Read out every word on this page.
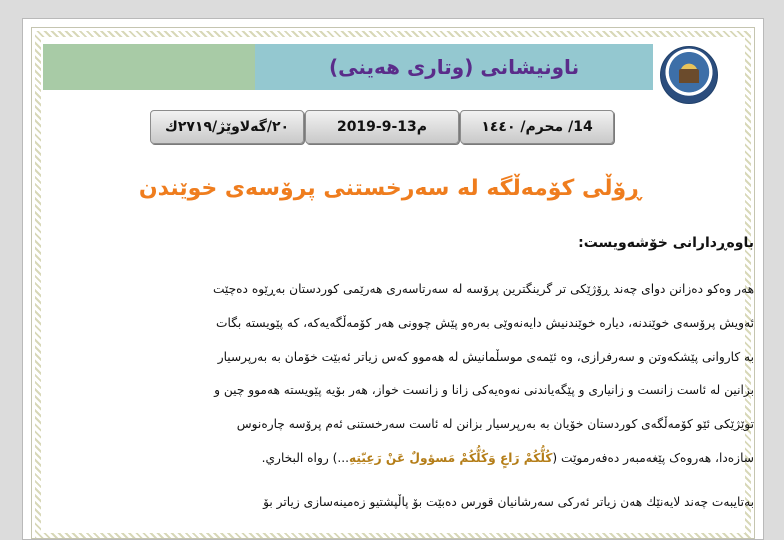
ناونیشانی (وتاری هەینی)
14/ محرم/ ١٤٤٠
2019-9-13م
٢٠/گەلاوێژ/٢٧١٩ك
ڕۆڵی کۆمەڵگە لە سەرخستنی پرۆسەی خوێندن
باوەڕدارانی خۆشەویست:
هەر وەکو دەزانن دوای چەند ڕۆژێکی تر گرینگترین پرۆسە لە سەرتاسەری هەرێمی کوردستان بەڕێوە دەچێت
ئەویش پرۆسەی خوێندنە، دیارە خوێندنیش دایەنەوێی بەرەو پێش چوونی هەر کۆمەڵگەیەکە، کە پێویستە بگات
بە کاروانی پێشکەوتن و سەرفرازی، وە ئێمەی موسڵمانیش لە هەموو کەس زیاتر ئەبێت خۆمان بە بەرپرسیار
بزانین لە ئاست زانست و زانیاری و پێگەیاندنی نەوەیەکی زانا و زانست خواز، هەر بۆیە پێویستە هەموو چین و
توێژێکی ئێو کۆمەڵگەی کوردستان خۆیان بە بەرپرسیار بزانن لە ئاست سەرخستنی ئەم پرۆسە چارەنوس
سازەدا، هەروەک پێغەمبەر دەفەرموێت (كُلُّكُمْ رَاعٍ وَكُلُّكُمْ مَسؤولٌ عَنْ رَعِيّتِهِ...) رواه البخاري.
بەتایبەت چەند لایەنێك هەن زیاتر ئەركی سەرشانیان قورس دەبێت بۆ پاڵپشتیو زەمینەسازی زیاتر بۆ
